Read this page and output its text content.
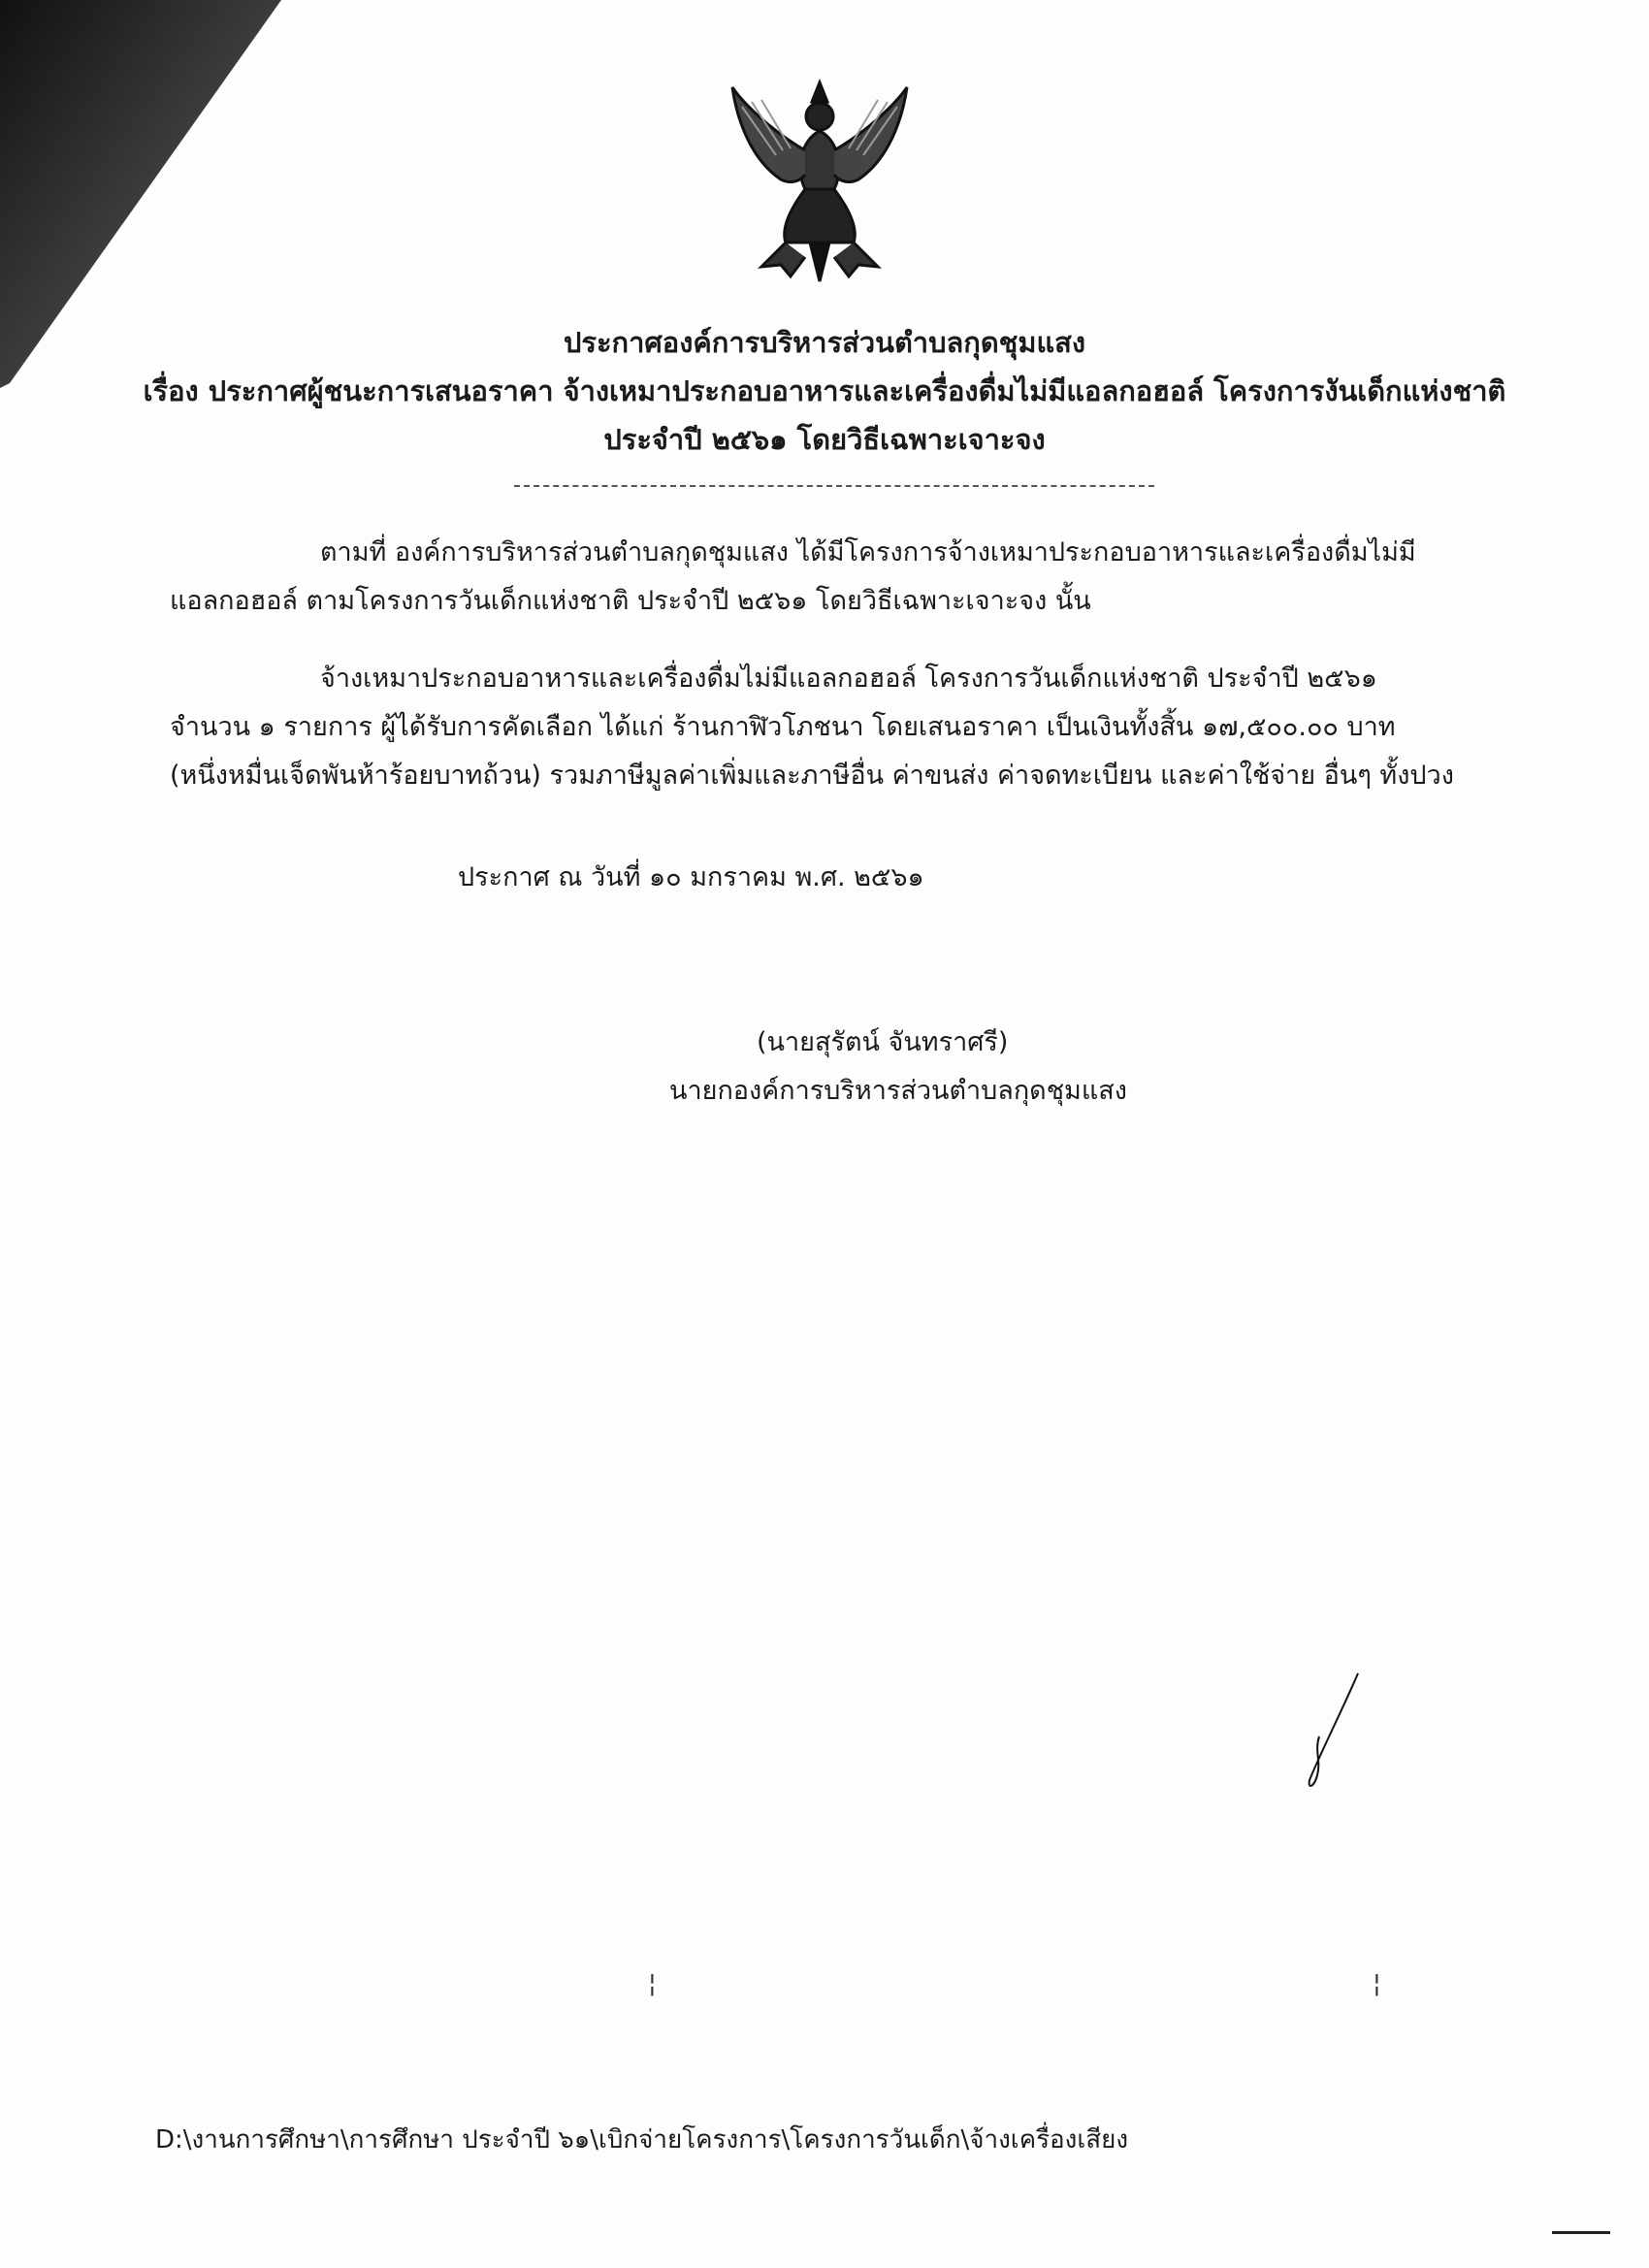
ประกาศองค์การบริหารส่วนตำบลกุดชุมแสง
เรื่อง ประกาศผู้ชนะการเสนอราคา จ้างเหมาประกอบอาหารและเครื่องดื่มไม่มีแอลกอฮอล์ โครงการงันเด็กแห่งชาติ
ประจำปี ๒๕๖๑ โดยวิธีเฉพาะเจาะจง
ตามที่ องค์การบริหารส่วนตำบลกุดชุมแสง ได้มีโครงการจ้างเหมาประกอบอาหารและเครื่องดื่มไม่มี
แอลกอฮอล์ ตามโครงการวันเด็กแห่งชาติ ประจำปี ๒๕๖๑ โดยวิธีเฉพาะเจาะจง นั้น
จ้างเหมาประกอบอาหารและเครื่องดื่มไม่มีแอลกอฮอล์ โครงการวันเด็กแห่งชาติ ประจำปี ๒๕๖๑
จำนวน ๑ รายการ ผู้ได้รับการคัดเลือก ได้แก่ ร้านกาฬิวโภชนา โดยเสนอราคา เป็นเงินทั้งสิ้น ๑๗,๕๐๐.๐๐ บาท
(หนึ่งหมื่นเจ็ดพันห้าร้อยบาทถ้วน) รวมภาษีมูลค่าเพิ่มและภาษีอื่น ค่าขนส่ง ค่าจดทะเบียน และค่าใช้จ่าย อื่นๆ ทั้งปวง
ประกาศ ณ วันที่ ๑๐ มกราคม พ.ศ. ๒๕๖๑
(นายสุรัตน์ จันทราศรี)
นายกองค์การบริหารส่วนตำบลกุดชุมแสง
¦	¦
D:\งานการศึกษา\การศึกษา ประจำปี ๖๑\เบิกจ่ายโครงการ\โครงการวันเด็ก\จ้างเครื่องเสียง
